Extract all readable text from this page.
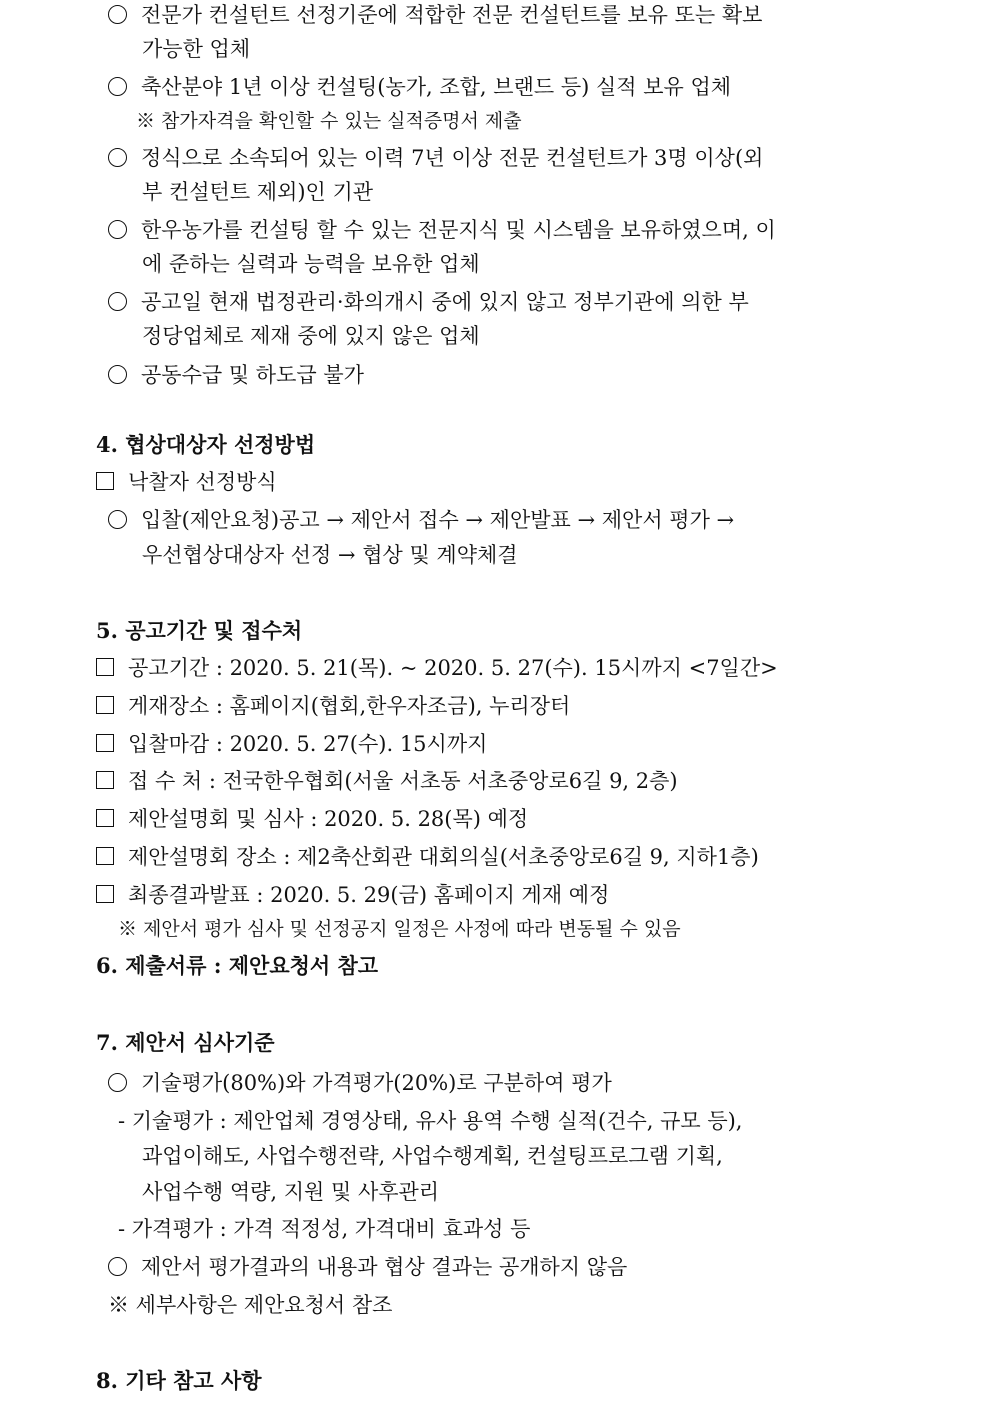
전문가 컨설턴트 선정기준에 적합한 전문 컨설턴트를 보유 또는 확보
가능한 업체
축산분야 1년 이상 컨설팅(농가, 조합, 브랜드 등) 실적 보유 업체
※ 참가자격을 확인할 수 있는 실적증명서 제출
정식으로 소속되어 있는 이력 7년 이상 전문 컨설턴트가 3명 이상(외
부 컨설턴트 제외)인 기관
한우농가를 컨설팅 할 수 있는 전문지식 및 시스템을 보유하였으며, 이
에 준하는 실력과 능력을 보유한 업체
공고일 현재 법정관리·화의개시 중에 있지 않고 정부기관에 의한 부
정당업체로 제재 중에 있지 않은 업체
공동수급 및 하도급 불가
4. 협상대상자 선정방법
낙찰자 선정방식
입찰(제안요청)공고 → 제안서 접수 → 제안발표 → 제안서 평가 →
우선협상대상자 선정 → 협상 및 계약체결
5. 공고기간 및 접수처
공고기간 : 2020. 5. 21(목). ~ 2020. 5. 27(수). 15시까지 <7일간>
게재장소 : 홈페이지(협회,한우자조금), 누리장터
입찰마감 : 2020. 5. 27(수). 15시까지
접 수 처 : 전국한우협회(서울 서초동 서초중앙로6길 9, 2층)
제안설명회 및 심사 : 2020. 5. 28(목) 예정
제안설명회 장소 : 제2축산회관 대회의실(서초중앙로6길 9, 지하1층)
최종결과발표 : 2020. 5. 29(금) 홈페이지 게재 예정
※ 제안서 평가 심사 및 선정공지 일정은 사정에 따라 변동될 수 있음
6. 제출서류 : 제안요청서 참고
7. 제안서 심사기준
기술평가(80%)와 가격평가(20%)로 구분하여 평가
- 기술평가 : 제안업체 경영상태, 유사 용역 수행 실적(건수, 규모 등),
과업이해도, 사업수행전략, 사업수행계획, 컨설팅프로그램 기획,
사업수행 역량, 지원 및 사후관리
- 가격평가 : 가격 적정성, 가격대비 효과성 등
제안서 평가결과의 내용과 협상 결과는 공개하지 않음
※ 세부사항은 제안요청서 참조
8. 기타 참고 사항
